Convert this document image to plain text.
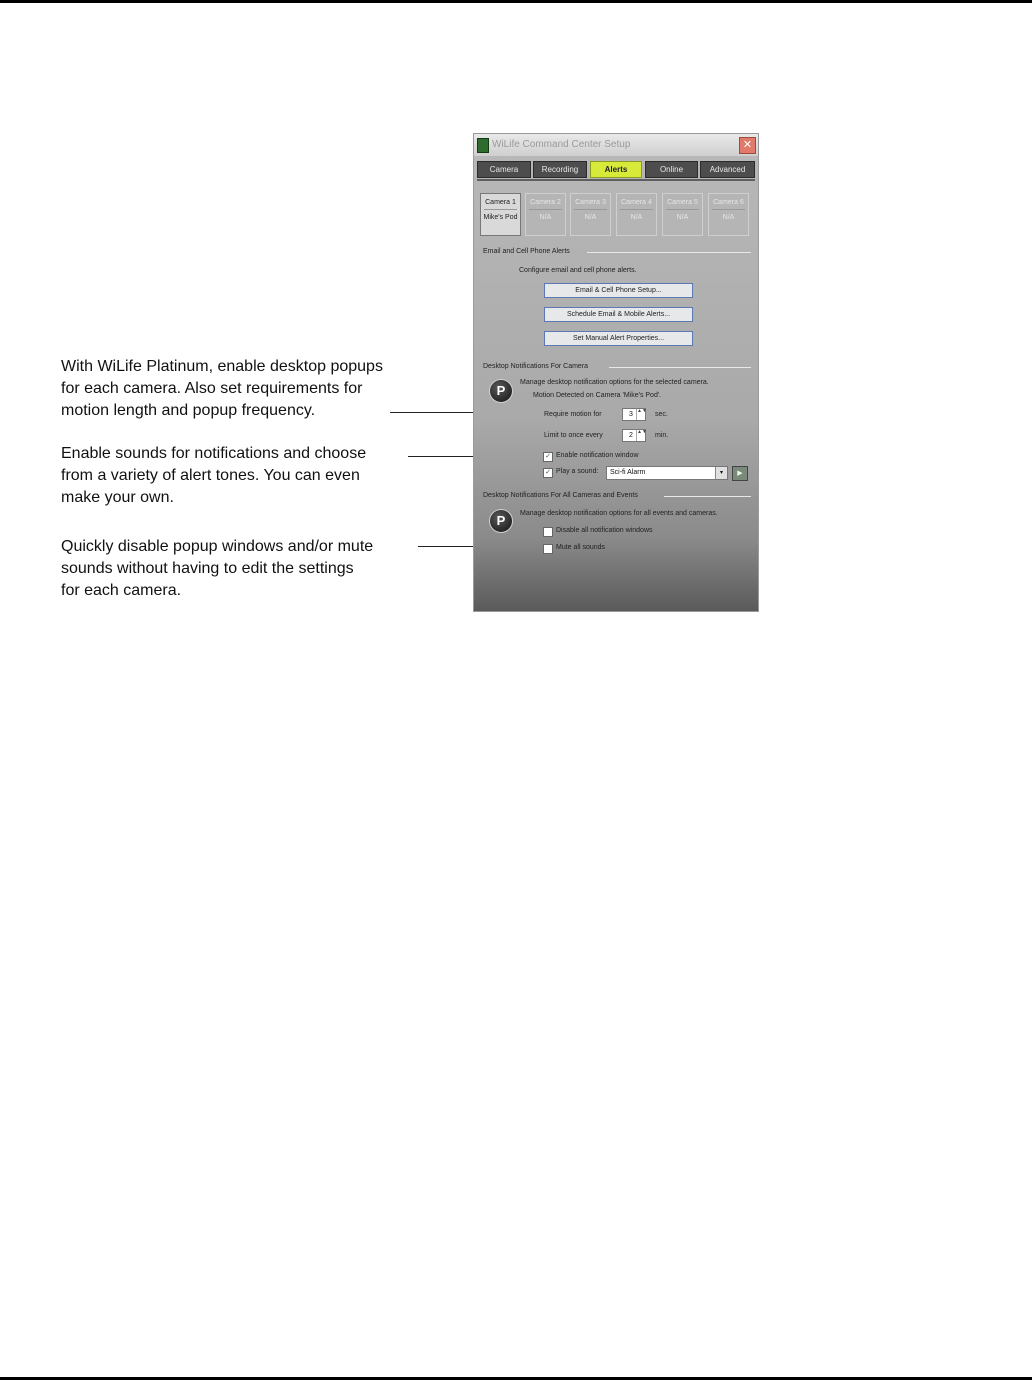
With WiLife Platinum, enable desktop popups
for each camera. Also set requirements for
motion length and popup frequency.
Enable sounds for notifications and choose
from a variety of alert tones. You can even
make your own.
Quickly disable popup windows and/or mute
sounds without having to edit the settings
for each camera.
WiLife Command Center Setup	✕
Camera	Recording	Alerts	Online	Advanced
Camera 1
Mike's Pod
Camera 2
N/A
Camera 3
N/A
Camera 4
N/A
Camera 5
N/A
Camera 6
N/A
Email and Cell Phone Alerts
Configure email and cell phone alerts.
Email & Cell Phone Setup...
Schedule Email & Mobile Alerts...
Set Manual Alert Properties...
Desktop Notifications For Camera
P
Manage desktop notification options for the selected camera.
Motion Detected on Camera 'Mike's Pod'.
Require motion for	3 ▲▼ sec.
Limit to once every	2 ▲▼ min.
✓ Enable notification window
✓ Play a sound: Sci-fi Alarm	▾	▶
Desktop Notifications For All Cameras and Events
P	Manage desktop notification options for all events and cameras.
Disable all notification windows
Mute all sounds
